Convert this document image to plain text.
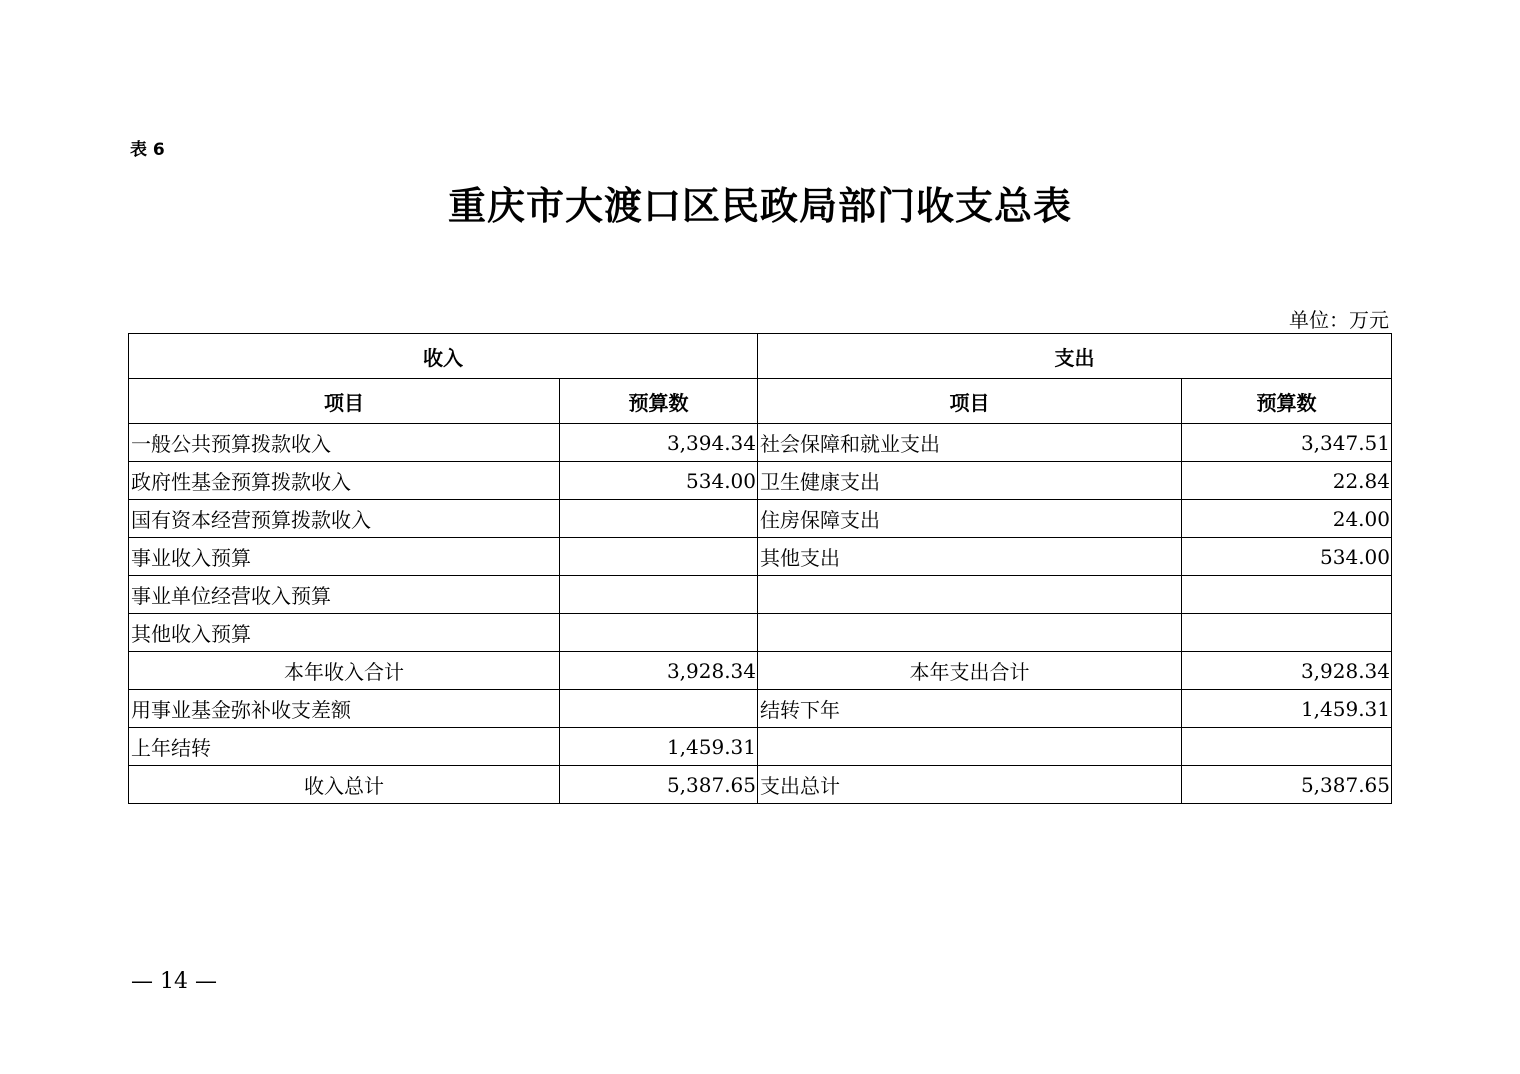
表 6
重庆市大渡口区民政局部门收支总表
单位：万元
收入		支出	
项目	预算数	项目	预算数
一般公共预算拨款收入	3,394.34	社会保障和就业支出	3,347.51
政府性基金预算拨款收入	534.00	卫生健康支出	22.84
国有资本经营预算拨款收入		住房保障支出	24.00
事业收入预算		其他支出	534.00
事业单位经营收入预算			
其他收入预算			
本年收入合计	3,928.34	本年支出合计	3,928.34
用事业基金弥补收支差额		结转下年	1,459.31
上年结转	1,459.31		
收入总计	5,387.65	支出总计	5,387.65
— 14 —
